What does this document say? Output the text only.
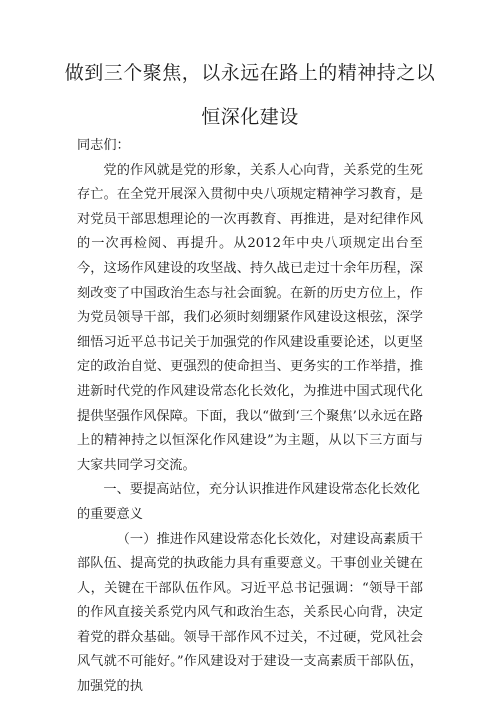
做到三个聚焦，以永远在路上的精神持之以
恒深化建设

同志们：

党的作风就是党的形象，关系人心向背，关系党的生死存亡。在全党开展深入贯彻中央八项规定精神学习教育，是对党员干部思想理论的一次再教育、再推进，是对纪律作风的一次再检阅、再提升。从2012年中央八项规定出台至今，这场作风建设的攻坚战、持久战已走过十余年历程，深刻改变了中国政治生态与社会面貌。在新的历史方位上，作为党员领导干部，我们必须时刻绷紧作风建设这根弦，深学细悟习近平总书记关于加强党的作风建设重要论述，以更坚定的政治自觉、更强烈的使命担当、更务实的工作举措，推进新时代党的作风建设常态化长效化，为推进中国式现代化提供坚强作风保障。下面，我以“做到‘三个聚焦’以永远在路上的精神持之以恒深化作风建设”为主题，从以下三方面与大家共同学习交流。

一、要提高站位，充分认识推进作风建设常态化长效化的重要意义

（一）推进作风建设常态化长效化，对建设高素质干部队伍、提高党的执政能力具有重要意义。干事创业关键在人，关键在干部队伍作风。习近平总书记强调：“领导干部的作风直接关系党内风气和政治生态，关系民心向背，决定着党的群众基础。领导干部作风不过关，不过硬，党风社会风气就不可能好。”作风建设对于建设一支高素质干部队伍，加强党的执
